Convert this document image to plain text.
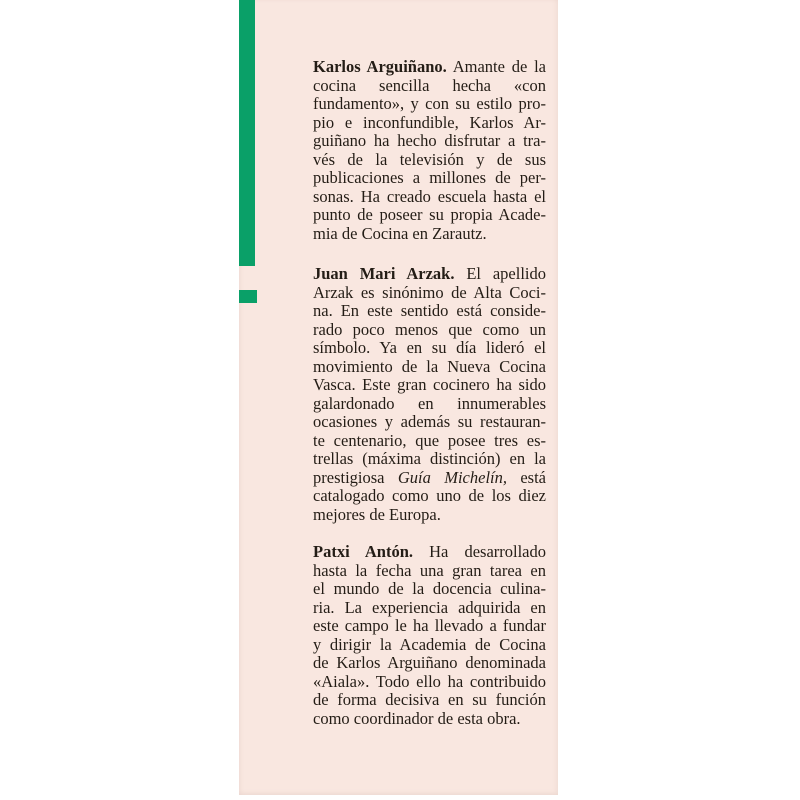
Karlos Arguiñano. Amante de la
cocina sencilla hecha «con
fundamento», y con su estilo pro-
pio e inconfundible, Karlos Ar-
guiñano ha hecho disfrutar a tra-
vés de la televisión y de sus
publicaciones a millones de per-
sonas. Ha creado escuela hasta el
punto de poseer su propia Acade-
mia de Cocina en Zarautz.
Juan Mari Arzak. El apellido
Arzak es sinónimo de Alta Coci-
na. En este sentido está conside-
rado poco menos que como un
símbolo. Ya en su día lideró el
movimiento de la Nueva Cocina
Vasca. Este gran cocinero ha sido
galardonado en innumerables
ocasiones y además su restauran-
te centenario, que posee tres es-
trellas (máxima distinción) en la
prestigiosa Guía Michelín, está
catalogado como uno de los diez
mejores de Europa.
Patxi Antón. Ha desarrollado
hasta la fecha una gran tarea en
el mundo de la docencia culina-
ria. La experiencia adquirida en
este campo le ha llevado a fundar
y dirigir la Academia de Cocina
de Karlos Arguiñano denominada
«Aiala». Todo ello ha contribuido
de forma decisiva en su función
como coordinador de esta obra.
